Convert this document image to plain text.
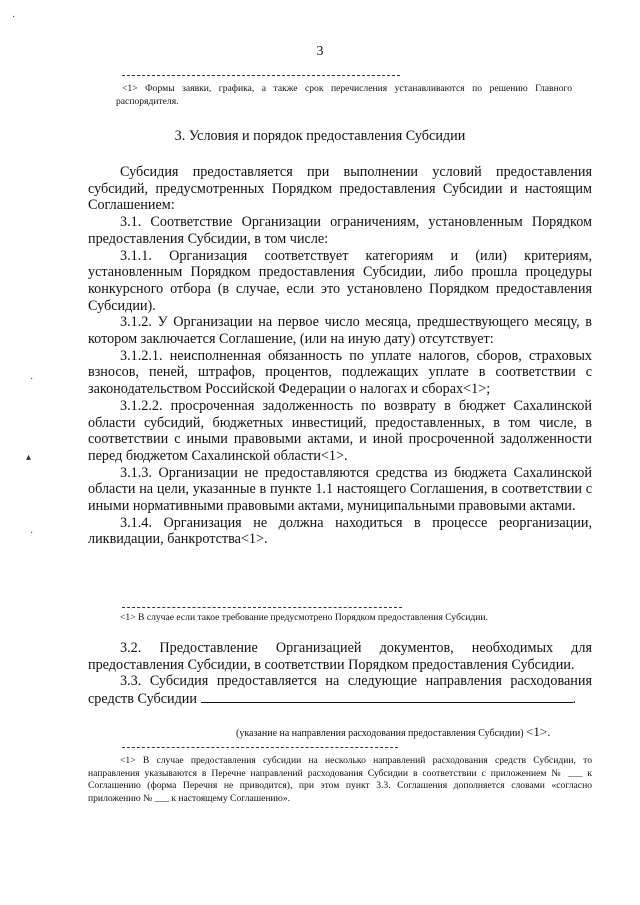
3
<1> Формы заявки, графика, а также срок перечисления устанавливаются по решению Главного распорядителя.
3. Условия и порядок предоставления Субсидии

Субсидия предоставляется при выполнении условий предоставления субсидий, предусмотренных Порядком предоставления Субсидии и настоящим Соглашением:

3.1. Соответствие Организации ограничениям, установленным Порядком предоставления Субсидии, в том числе:

3.1.1. Организация соответствует категориям и (или) критериям, установленным Порядком предоставления Субсидии, либо прошла процедуры конкурсного отбора (в случае, если это установлено Порядком предоставления Субсидии).

3.1.2. У Организации на первое число месяца, предшествующего месяцу, в котором заключается Соглашение, (или на иную дату) отсутствует:

3.1.2.1. неисполненная обязанность по уплате налогов, сборов, страховых взносов, пеней, штрафов, процентов, подлежащих уплате в соответствии с законодательством Российской Федерации о налогах и сборах<1>;

3.1.2.2. просроченная задолженность по возврату в бюджет Сахалинской области субсидий, бюджетных инвестиций, предоставленных, в том числе, в соответствии с иными правовыми актами, и иной просроченной задолженности перед бюджетом Сахалинской области<1>.

3.1.3. Организации не предоставляются средства из бюджета Сахалинской области на цели, указанные в пункте 1.1 настоящего Соглашения, в соответствии с иными нормативными правовыми актами, муниципальными правовыми актами.

3.1.4. Организация не должна находиться в процессе реорганизации, ликвидации, банкротства<1>.

<1> В случае если такое требование предусмотрено Порядком предоставления Субсидии.

3.2. Предоставление Организацией документов, необходимых для предоставления Субсидии, в соответствии Порядком предоставления Субсидии.

3.3. Субсидия предоставляется на следующие направления расходования средств Субсидии	.

(указание на направления расходования предоставления Субсидии) <1>.
<1> В случае предоставления субсидии на несколько направлений расходования средств Субсидии, то направления указываются в Перечне направлений расходования Субсидии в соответствии с приложением № ___ к Соглашению (форма Перечня не приводится), при этом пункт 3.3. Соглашения дополняется словами «согласно приложению № ___ к настоящему Соглашению».
·
·
▴
·
